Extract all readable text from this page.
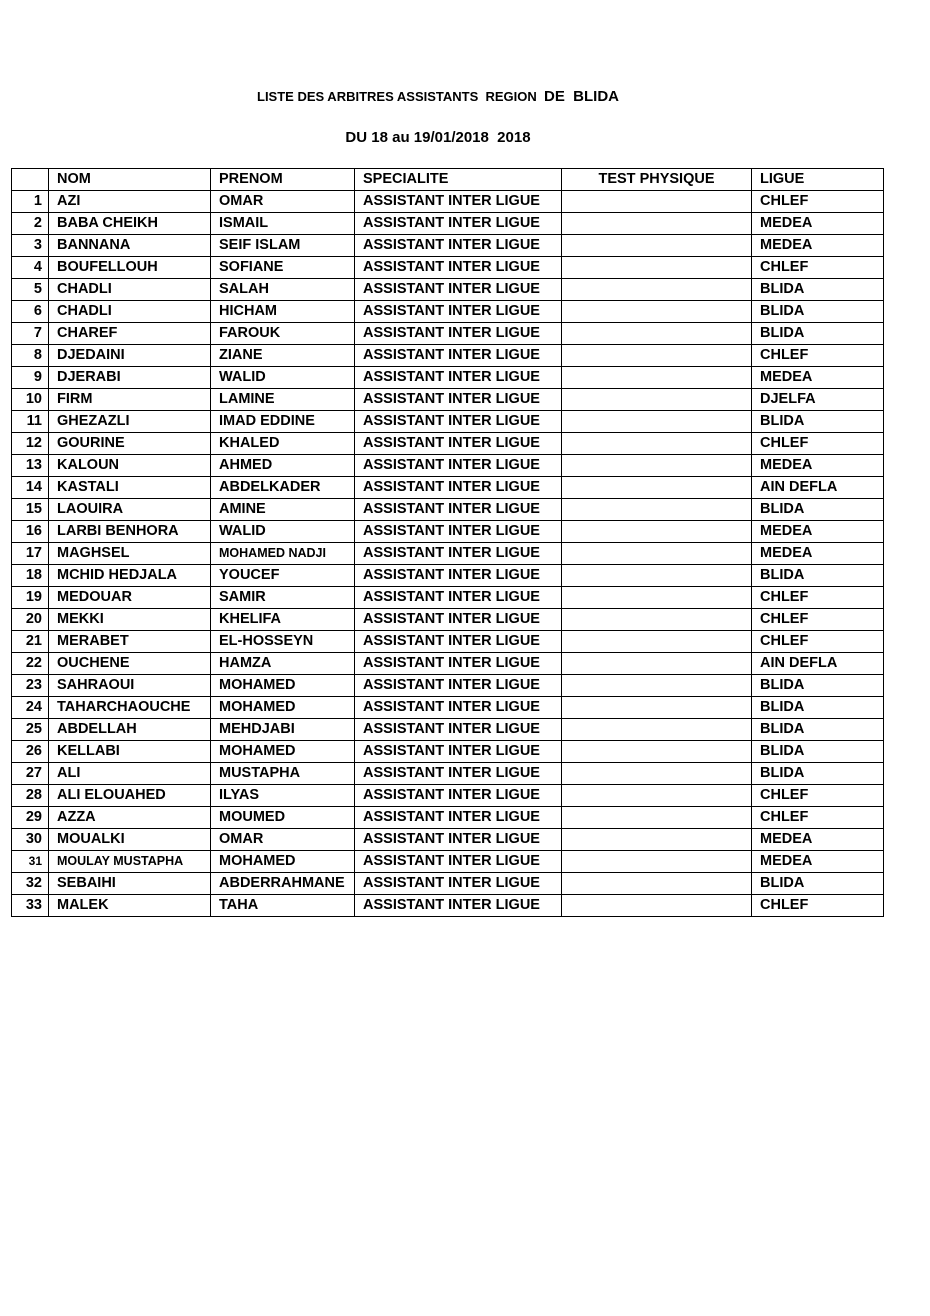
LISTE DES ARBITRES ASSISTANTS  REGION  DE  BLIDA
DU 18 au 19/01/2018  2018
	NOM	PRENOM	SPECIALITE	TEST PHYSIQUE	LIGUE
1	AZI	OMAR	ASSISTANT INTER LIGUE		CHLEF
2	BABA CHEIKH	ISMAIL	ASSISTANT INTER LIGUE		MEDEA
3	BANNANA	SEIF ISLAM	ASSISTANT INTER LIGUE		MEDEA
4	BOUFELLOUH	SOFIANE	ASSISTANT INTER LIGUE		CHLEF
5	CHADLI	SALAH	ASSISTANT INTER LIGUE		BLIDA
6	CHADLI	HICHAM	ASSISTANT INTER LIGUE		BLIDA
7	CHAREF	FAROUK	ASSISTANT INTER LIGUE		BLIDA
8	DJEDAINI	ZIANE	ASSISTANT INTER LIGUE		CHLEF
9	DJERABI	WALID	ASSISTANT INTER LIGUE		MEDEA
10	FIRM	LAMINE	ASSISTANT INTER LIGUE		DJELFA
11	GHEZAZLI	IMAD EDDINE	ASSISTANT INTER LIGUE		BLIDA
12	GOURINE	KHALED	ASSISTANT INTER LIGUE		CHLEF
13	KALOUN	AHMED	ASSISTANT INTER LIGUE		MEDEA
14	KASTALI	ABDELKADER	ASSISTANT INTER LIGUE		AIN DEFLA
15	LAOUIRA	AMINE	ASSISTANT INTER LIGUE		BLIDA
16	LARBI BENHORA	WALID	ASSISTANT INTER LIGUE		MEDEA
17	MAGHSEL	MOHAMED NADJI	ASSISTANT INTER LIGUE		MEDEA
18	MCHID HEDJALA	YOUCEF	ASSISTANT INTER LIGUE		BLIDA
19	MEDOUAR	SAMIR	ASSISTANT INTER LIGUE		CHLEF
20	MEKKI	KHELIFA	ASSISTANT INTER LIGUE		CHLEF
21	MERABET	EL-HOSSEYN	ASSISTANT INTER LIGUE		CHLEF
22	OUCHENE	HAMZA	ASSISTANT INTER LIGUE		AIN DEFLA
23	SAHRAOUI	MOHAMED	ASSISTANT INTER LIGUE		BLIDA
24	TAHARCHAOUCHE	MOHAMED	ASSISTANT INTER LIGUE		BLIDA
25	ABDELLAH	MEHDJABI	ASSISTANT INTER LIGUE		BLIDA
26	KELLABI	MOHAMED	ASSISTANT INTER LIGUE		BLIDA
27	ALI	MUSTAPHA	ASSISTANT INTER LIGUE		BLIDA
28	ALI ELOUAHED	ILYAS	ASSISTANT INTER LIGUE		CHLEF
29	AZZA	MOUMED	ASSISTANT INTER LIGUE		CHLEF
30	MOUALKI	OMAR	ASSISTANT INTER LIGUE		MEDEA
31	MOULAY MUSTAPHA	MOHAMED	ASSISTANT INTER LIGUE		MEDEA
32	SEBAIHI	ABDERRAHMANE	ASSISTANT INTER LIGUE		BLIDA
33	MALEK	TAHA	ASSISTANT INTER LIGUE		CHLEF
